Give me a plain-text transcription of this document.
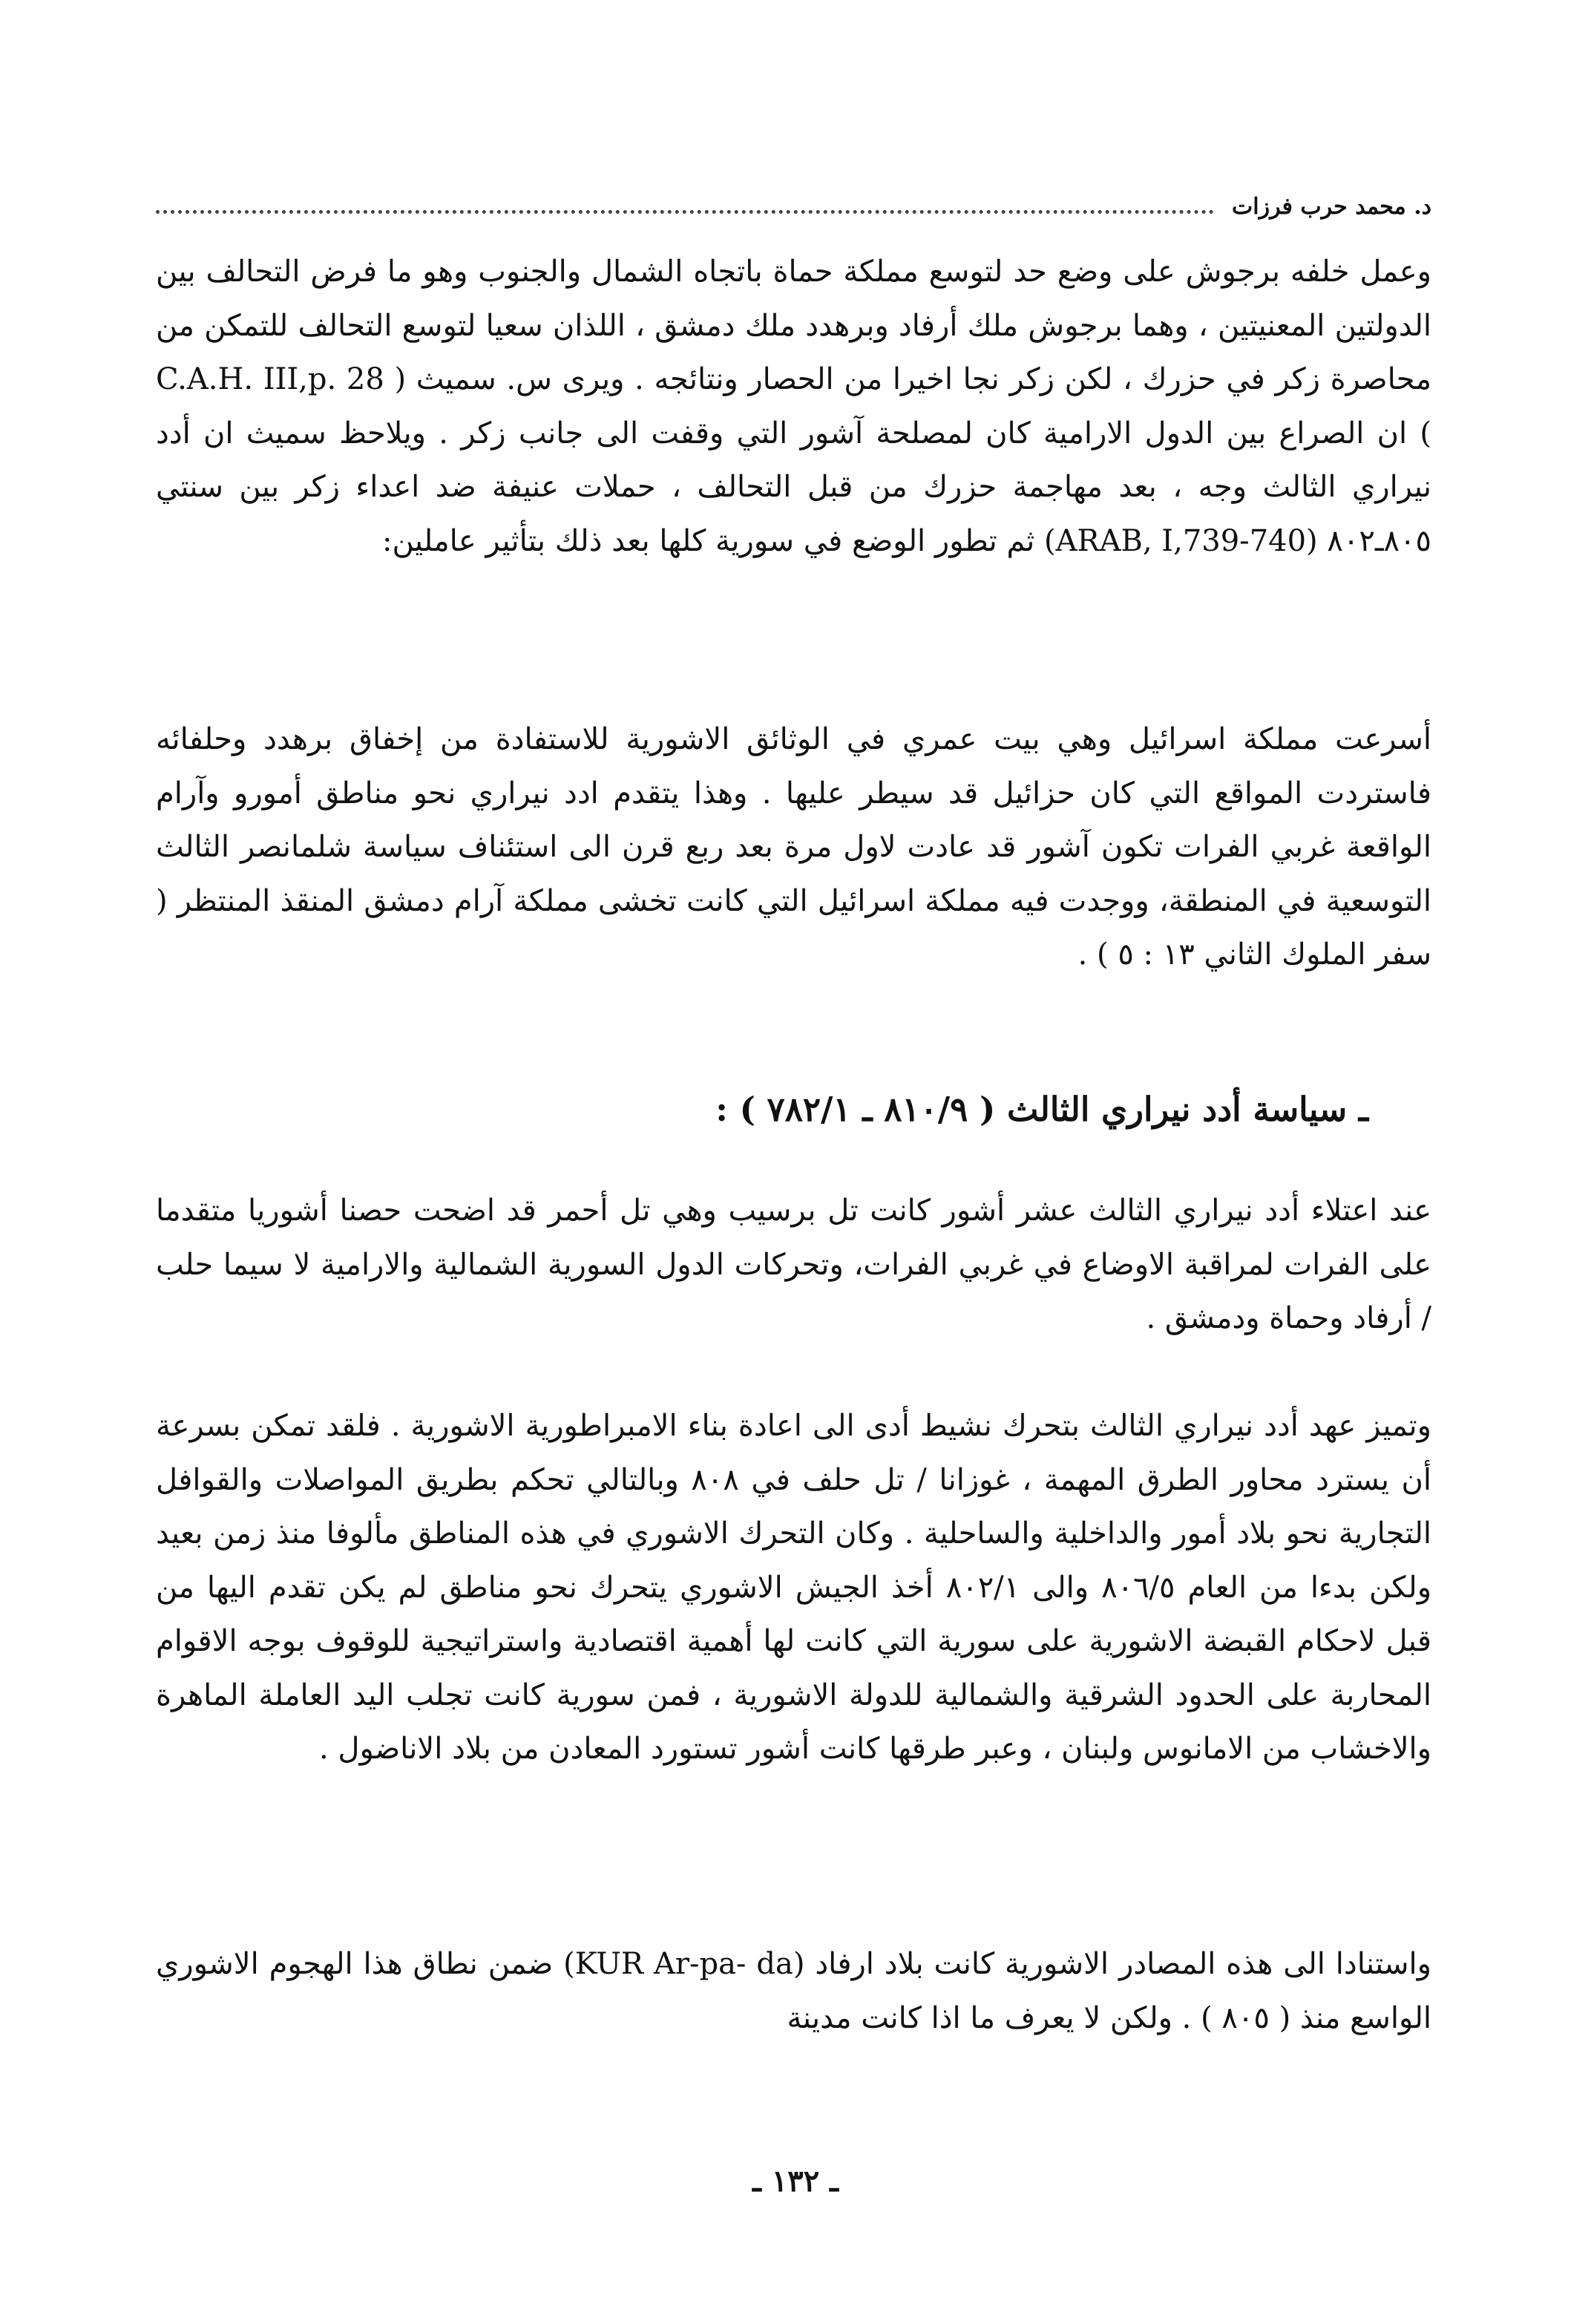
د. محمد حرب فرزات

وعمل خلفه برجوش على وضع حد لتوسع مملكة حماة باتجاه الشمال والجنوب وهو ما فرض التحالف بين الدولتين المعنيتين ، وهما برجوش ملك أرفاد وبرهدد ملك دمشق ، اللذان سعيا لتوسع التحالف للتمكن من محاصرة زكر في حزرك ، لكن زكر نجا اخيرا من الحصار ونتائجه . ويرى س. سميث ( C.A.H. III,p. 28 ) ان الصراع بين الدول الارامية كان لمصلحة آشور التي وقفت الى جانب زكر . ويلاحظ سميث ان أدد نيراري الثالث وجه ، بعد مهاجمة حزرك من قبل التحالف ، حملات عنيفة ضد اعداء زكر بين سنتي ٨٠٥ـ٨٠٢ (ARAB, I,739-740) ثم تطور الوضع في سورية كلها بعد ذلك بتأثير عاملين:

أسرعت مملكة اسرائيل وهي بيت عمري في الوثائق الاشورية للاستفادة من إخفاق برهدد وحلفائه فاستردت المواقع التي كان حزائيل قد سيطر عليها . وهذا يتقدم ادد نيراري نحو مناطق أمورو وآرام الواقعة غربي الفرات تكون آشور قد عادت لاول مرة بعد ربع قرن الى استئناف سياسة شلمانصر الثالث التوسعية في المنطقة، ووجدت فيه مملكة اسرائيل التي كانت تخشى مملكة آرام دمشق المنقذ المنتظر ( سفر الملوك الثاني ١٣ : ٥ ) .

ـ سياسة أدد نيراري الثالث ( ٨١٠/٩ ـ ٧٨٢/١ ) :

عند اعتلاء أدد نيراري الثالث عشر أشور كانت تل برسيب وهي تل أحمر قد اضحت حصنا أشوريا متقدما على الفرات لمراقبة الاوضاع في غربي الفرات، وتحركات الدول السورية الشمالية والارامية لا سيما حلب / أرفاد وحماة ودمشق .

وتميز عهد أدد نيراري الثالث بتحرك نشيط أدى الى اعادة بناء الامبراطورية الاشورية . فلقد تمكن بسرعة أن يسترد محاور الطرق المهمة ، غوزانا / تل حلف في ٨٠٨ وبالتالي تحكم بطريق المواصلات والقوافل التجارية نحو بلاد أمور والداخلية والساحلية . وكان التحرك الاشوري في هذه المناطق مألوفا منذ زمن بعيد ولكن بدءا من العام ٨٠٦/٥ والى ٨٠٢/١ أخذ الجيش الاشوري يتحرك نحو مناطق لم يكن تقدم اليها من قبل لاحكام القبضة الاشورية على سورية التي كانت لها أهمية اقتصادية واستراتيجية للوقوف بوجه الاقوام المحاربة على الحدود الشرقية والشمالية للدولة الاشورية ، فمن سورية كانت تجلب اليد العاملة الماهرة والاخشاب من الامانوس ولبنان ، وعبر طرقها كانت أشور تستورد المعادن من بلاد الاناضول .

واستنادا الى هذه المصادر الاشورية كانت بلاد ارفاد (KUR Ar-pa- da) ضمن نطاق هذا الهجوم الاشوري الواسع منذ ( ٨٠٥ ) . ولكن لا يعرف ما اذا كانت مدينة

ـ ١٣٢ ـ
